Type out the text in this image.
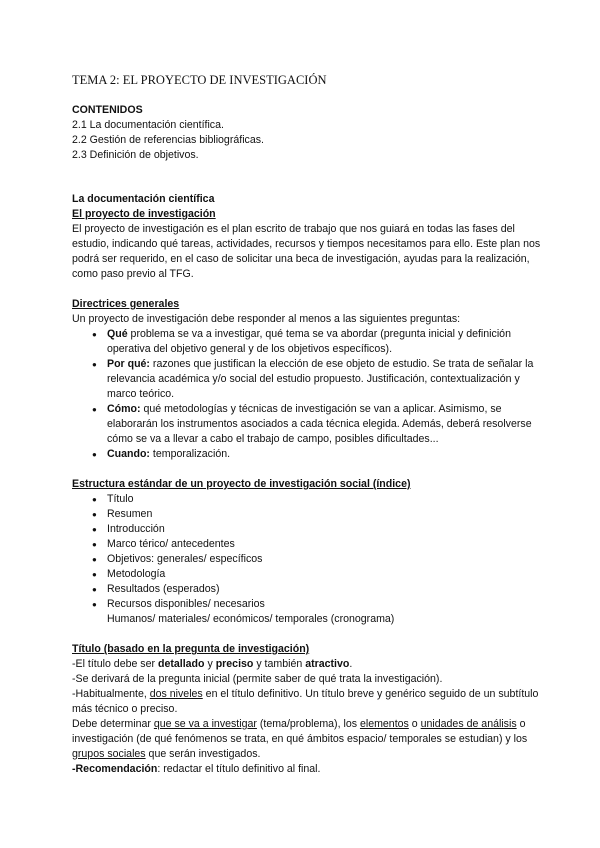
TEMA 2: EL PROYECTO DE INVESTIGACIÓN
CONTENIDOS
2.1 La documentación científica.
2.2 Gestión de referencias bibliográficas.
2.3 Definición de objetivos.
La documentación científica
El proyecto de investigación

El proyecto de investigación es el plan escrito de trabajo que nos guiará en todas las fases del estudio, indicando qué tareas, actividades, recursos y tiempos necesitamos para ello. Este plan nos podrá ser requerido, en el caso de solicitar una beca de investigación, ayudas para la realización, como paso previo al TFG.

Directrices generales
Un proyecto de investigación debe responder al menos a las siguientes preguntas:
● Qué problema se va a investigar, qué tema se va abordar (pregunta inicial y definición operativa del objetivo general y de los objetivos específicos).
● Por qué: razones que justifican la elección de ese objeto de estudio. Se trata de señalar la relevancia académica y/o social del estudio propuesto. Justificación, contextualización y marco teórico.
● Cómo: qué metodologías y técnicas de investigación se van a aplicar. Asimismo, se elaborarán los instrumentos asociados a cada técnica elegida. Además, deberá resolverse cómo se va a llevar a cabo el trabajo de campo, posibles dificultades...
● Cuando: temporalización.
Estructura estándar de un proyecto de investigación social (índice)
● Título
● Resumen
● Introducción
● Marco térico/ antecedentes
● Objetivos: generales/ específicos
● Metodología
● Resultados (esperados)
● Recursos disponibles/ necesarios
Humanos/ materiales/ económicos/ temporales (cronograma)
Título (basado en la pregunta de investigación)
-El título debe ser detallado y preciso y también atractivo.
-Se derivará de la pregunta inicial (permite saber de qué trata la investigación).
-Habitualmente, dos niveles en el título definitivo. Un título breve y genérico seguido de un subtítulo más técnico o preciso.
Debe determinar que se va a investigar (tema/problema), los elementos o unidades de análisis o investigación (de qué fenómenos se trata, en qué ámbitos espacio/ temporales se estudian) y los grupos sociales que serán investigados.
-Recomendación: redactar el título definitivo al final.
